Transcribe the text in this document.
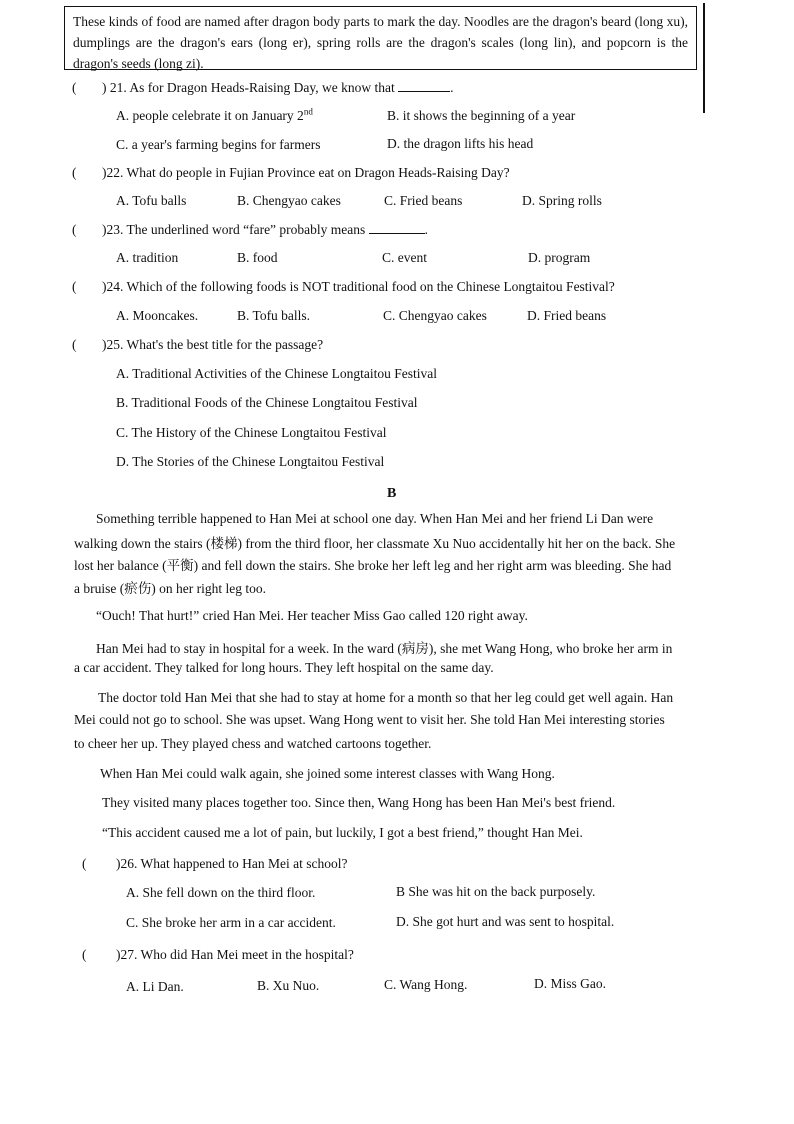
These kinds of food are named after dragon body parts to mark the day. Noodles are the dragon's beard (long xu), dumplings are the dragon's ears (long er), spring rolls are the dragon's scales (long lin), and popcorn is the dragon's seeds (long zi).
( ) 21. As for Dragon Heads-Raising Day, we know that	.
A. people celebrate it on January 2nd	B. it shows the beginning of a year
C. a year's farming begins for farmers	D. the dragon lifts his head
( )22. What do people in Fujian Province eat on Dragon Heads-Raising Day?
A. Tofu balls	B. Chengyao cakes	C. Fried beans	D. Spring rolls
( )23. The underlined word “fare” probably means	.
A. tradition	B. food	C. event	D. program
( )24. Which of the following foods is NOT traditional food on the Chinese Longtaitou Festival?
A. Mooncakes.	B. Tofu balls.	C. Chengyao cakes	D. Fried beans
( )25. What's the best title for the passage?
A. Traditional Activities of the Chinese Longtaitou Festival
B. Traditional Foods of the Chinese Longtaitou Festival
C. The History of the Chinese Longtaitou Festival
D. The Stories of the Chinese Longtaitou Festival
B
Something terrible happened to Han Mei at school one day. When Han Mei and her friend Li Dan were
walking down the stairs (楼梯) from the third floor, her classmate Xu Nuo accidentally hit her on the back. She
lost her balance (平衡) and fell down the stairs. She broke her left leg and her right arm was bleeding. She had
a bruise (瘀伤) on her right leg too.
“Ouch! That hurt!” cried Han Mei. Her teacher Miss Gao called 120 right away.
Han Mei had to stay in hospital for a week. In the ward (病房), she met Wang Hong, who broke her arm in
a car accident. They talked for long hours. They left hospital on the same day.
The doctor told Han Mei that she had to stay at home for a month so that her leg could get well again. Han
Mei could not go to school. She was upset. Wang Hong went to visit her. She told Han Mei interesting stories
to cheer her up. They played chess and watched cartoons together.
When Han Mei could walk again, she joined some interest classes with Wang Hong.
They visited many places together too. Since then, Wang Hong has been Han Mei's best friend.
“This accident caused me a lot of pain, but luckily, I got a best friend,” thought Han Mei.
( )26. What happened to Han Mei at school?
A. She fell down on the third floor.	B She was hit on the back purposely.
C. She broke her arm in a car accident.	D. She got hurt and was sent to hospital.
( )27. Who did Han Mei meet in the hospital?
A. Li Dan.	B. Xu Nuo.	C. Wang Hong.	D. Miss Gao.
